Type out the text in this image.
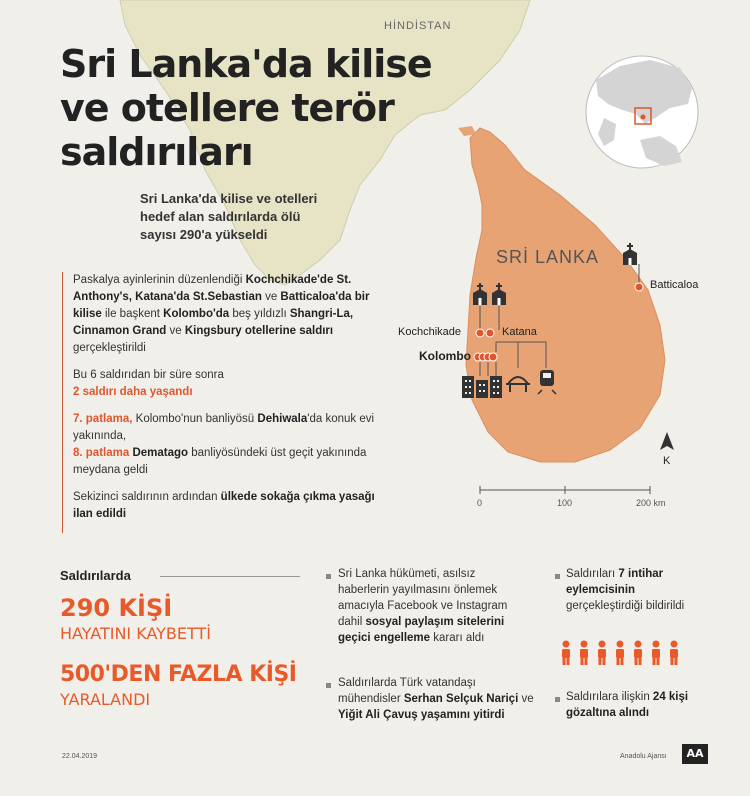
HİNDİSTAN
SRİ LANKA
Batticaloa
Kochchikade	Katana
Kolombo
K
0	100	200 km
Sri Lanka'da kilise ve otellere terör saldırıları
Sri Lanka'da kilise ve otelleri hedef alan saldırılarda ölü sayısı 290'a yükseldi

Paskalya ayinlerinin düzenlendiği Kochchikade'de St. Anthony's, Katana'da St.Sebastian ve Batticaloa'da bir kilise ile başkent Kolombo'da beş yıldızlı Shangri-La, Cinnamon Grand ve Kingsbury otellerine saldırı gerçekleştirildi

Bu 6 saldırıdan bir süre sonra
2 saldırı daha yaşandı

7. patlama, Kolombo'nun banliyösü Dehiwala'da konuk evi yakınında,
8. patlama Dematago banliyösündeki üst geçit yakınında meydana geldi

Sekizinci saldırının ardından ülkede sokağa çıkma yasağı ilan edildi

Saldırılarda
290 KİŞİ
HAYATINI KAYBETTİ
500'DEN FAZLA KİŞİ
YARALANDI
Sri Lanka hükümeti, asılsız haberlerin yayılmasını önlemek amacıyla Facebook ve Instagram dahil sosyal paylaşım sitelerini geçici engelleme kararı aldı
Saldırılarda Türk vatandaşı mühendisler Serhan Selçuk Nariçi ve Yiğit Ali Çavuş yaşamını yitirdi
Saldırıları 7 intihar eylemcisinin gerçekleştirdiği bildirildi
Saldırılara ilişkin 24 kişi gözaltına alındı
22.04.2019	Anadolu Ajansı	AA
